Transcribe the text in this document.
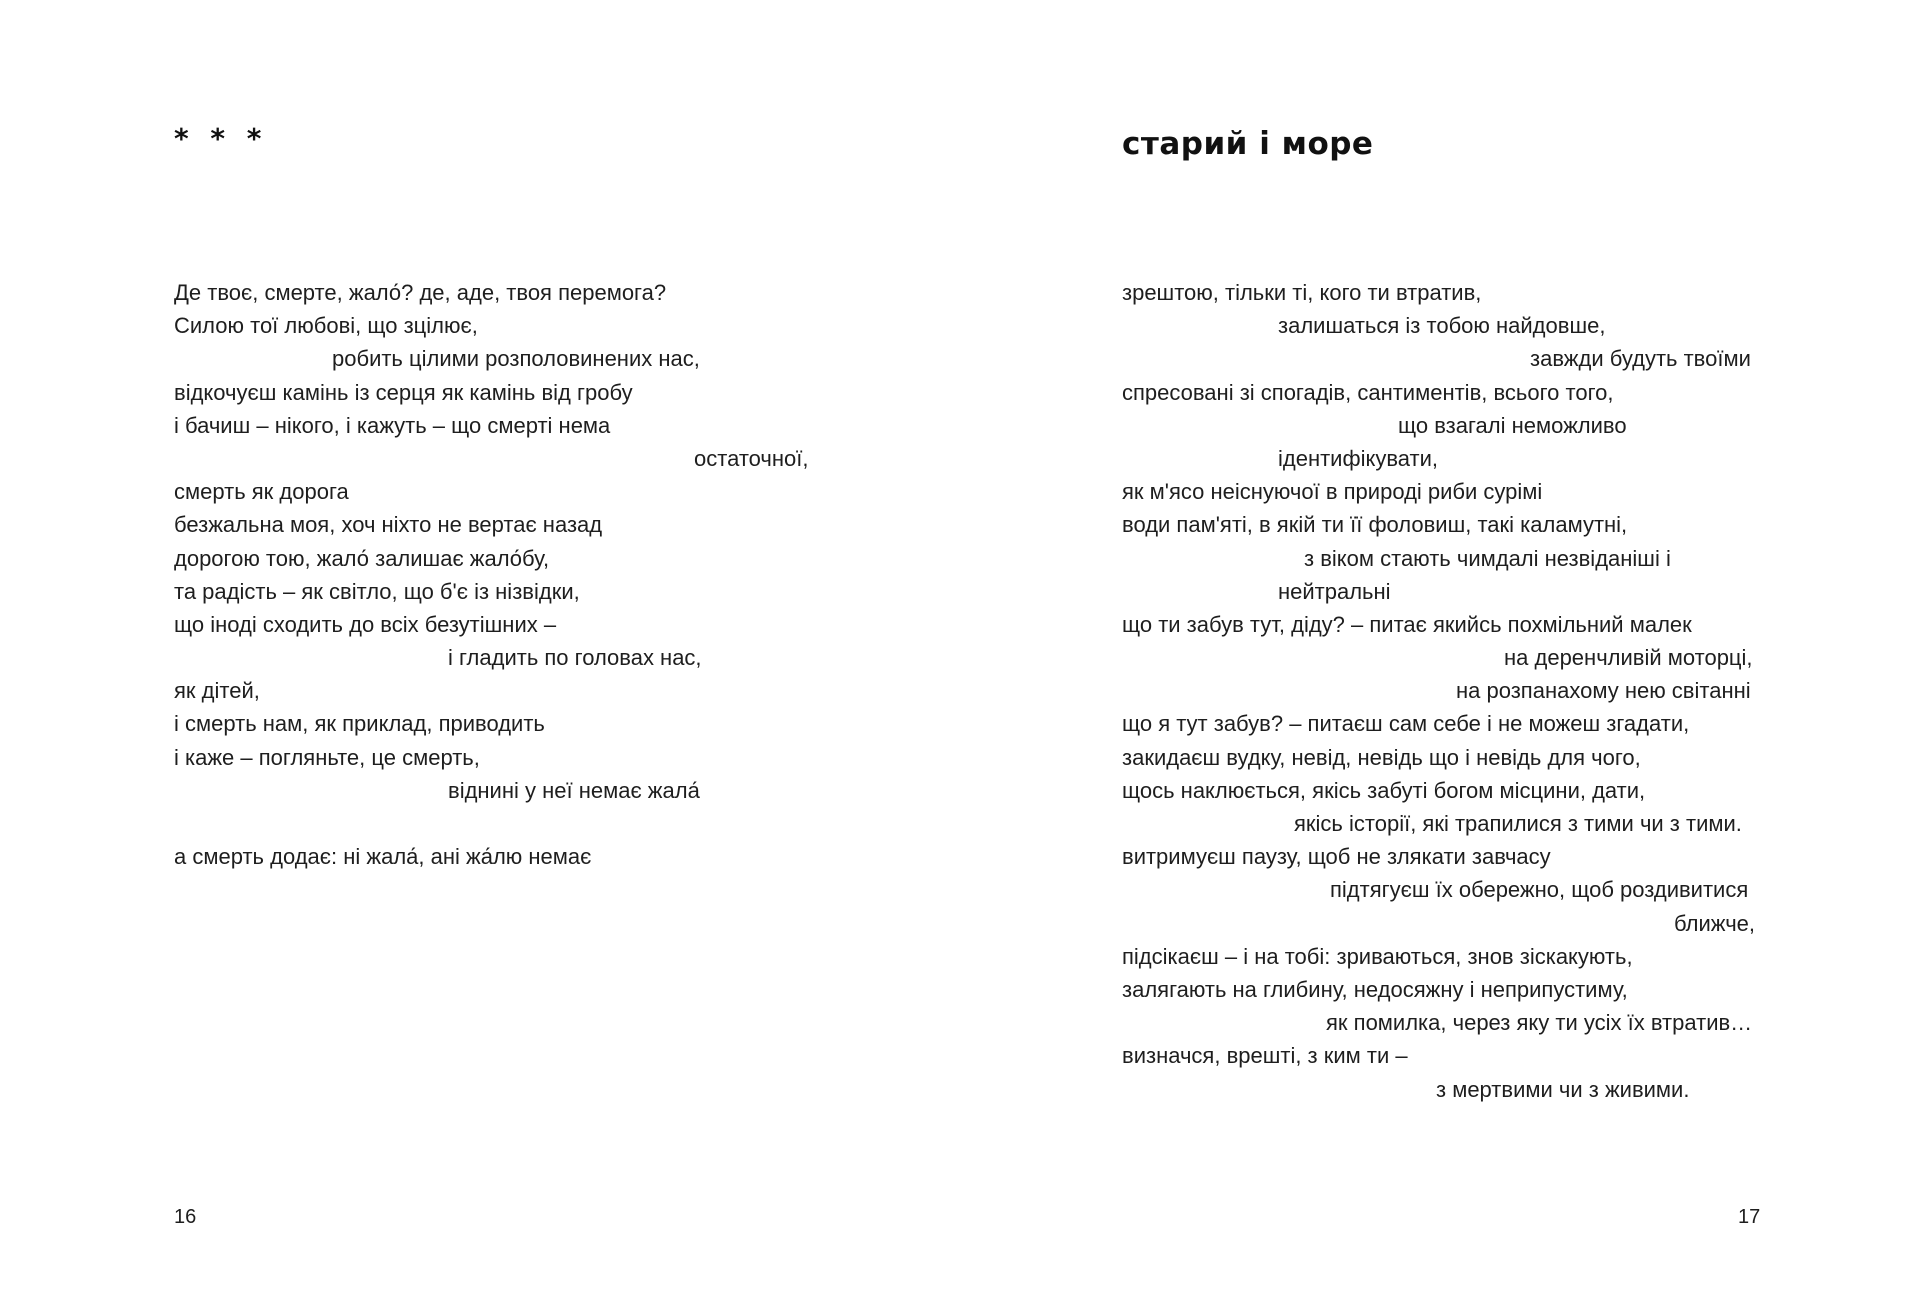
* * *
Де твоє, смерте, жало́? де, аде, твоя перемога?
Силою тої любові, що зцілює,
робить цілими розполовинених нас,
відкочуєш камінь із серця як камінь від гробу
і бачиш – нікого, і кажуть – що смерті нема
остаточної,
смерть як дорога
безжальна моя, хоч ніхто не вертає назад
дорогою тою, жало́ залишає жало́бу,
та радість – як світло, що б'є із нізвідки,
що іноді сходить до всіх безутішних –
і гладить по головах нас,
як дітей,
і смерть нам, як приклад, приводить
і каже – погляньте, це смерть,
віднині у неї немає жала́
а смерть додає: ні жала́, ані жа́лю немає
16
старий і море
зрештою, тільки ті, кого ти втратив,
залишаться із тобою найдовше,
завжди будуть твоїми
спресовані зі спогадів, сантиментів, всього того,
що взагалі неможливо
ідентифікувати,
як м'ясо неіснуючої в природі риби сурімі
води пам'яті, в якій ти її фоловиш, такі каламутні,
з віком стають чимдалі незвіданіші і
нейтральні
що ти забув тут, діду? – питає якийсь похмільний малек
на деренчливій моторці,
на розпанахому нею світанні
що я тут забув? – питаєш сам себе і не можеш згадати,
закидаєш вудку, невід, невідь що і невідь для чого,
щось наклюється, якісь забуті богом місцини, дати,
якісь історії, які трапилися з тими чи з тими.
витримуєш паузу, щоб не злякати завчасу
підтягуєш їх обережно, щоб роздивитися
ближче,
підсікаєш – і на тобі: зриваються, знов зіскакують,
залягають на глибину, недосяжну і неприпустиму,
як помилка, через яку ти усіх їх втратив…
визначся, врешті, з ким ти –
з мертвими чи з живими.
17
